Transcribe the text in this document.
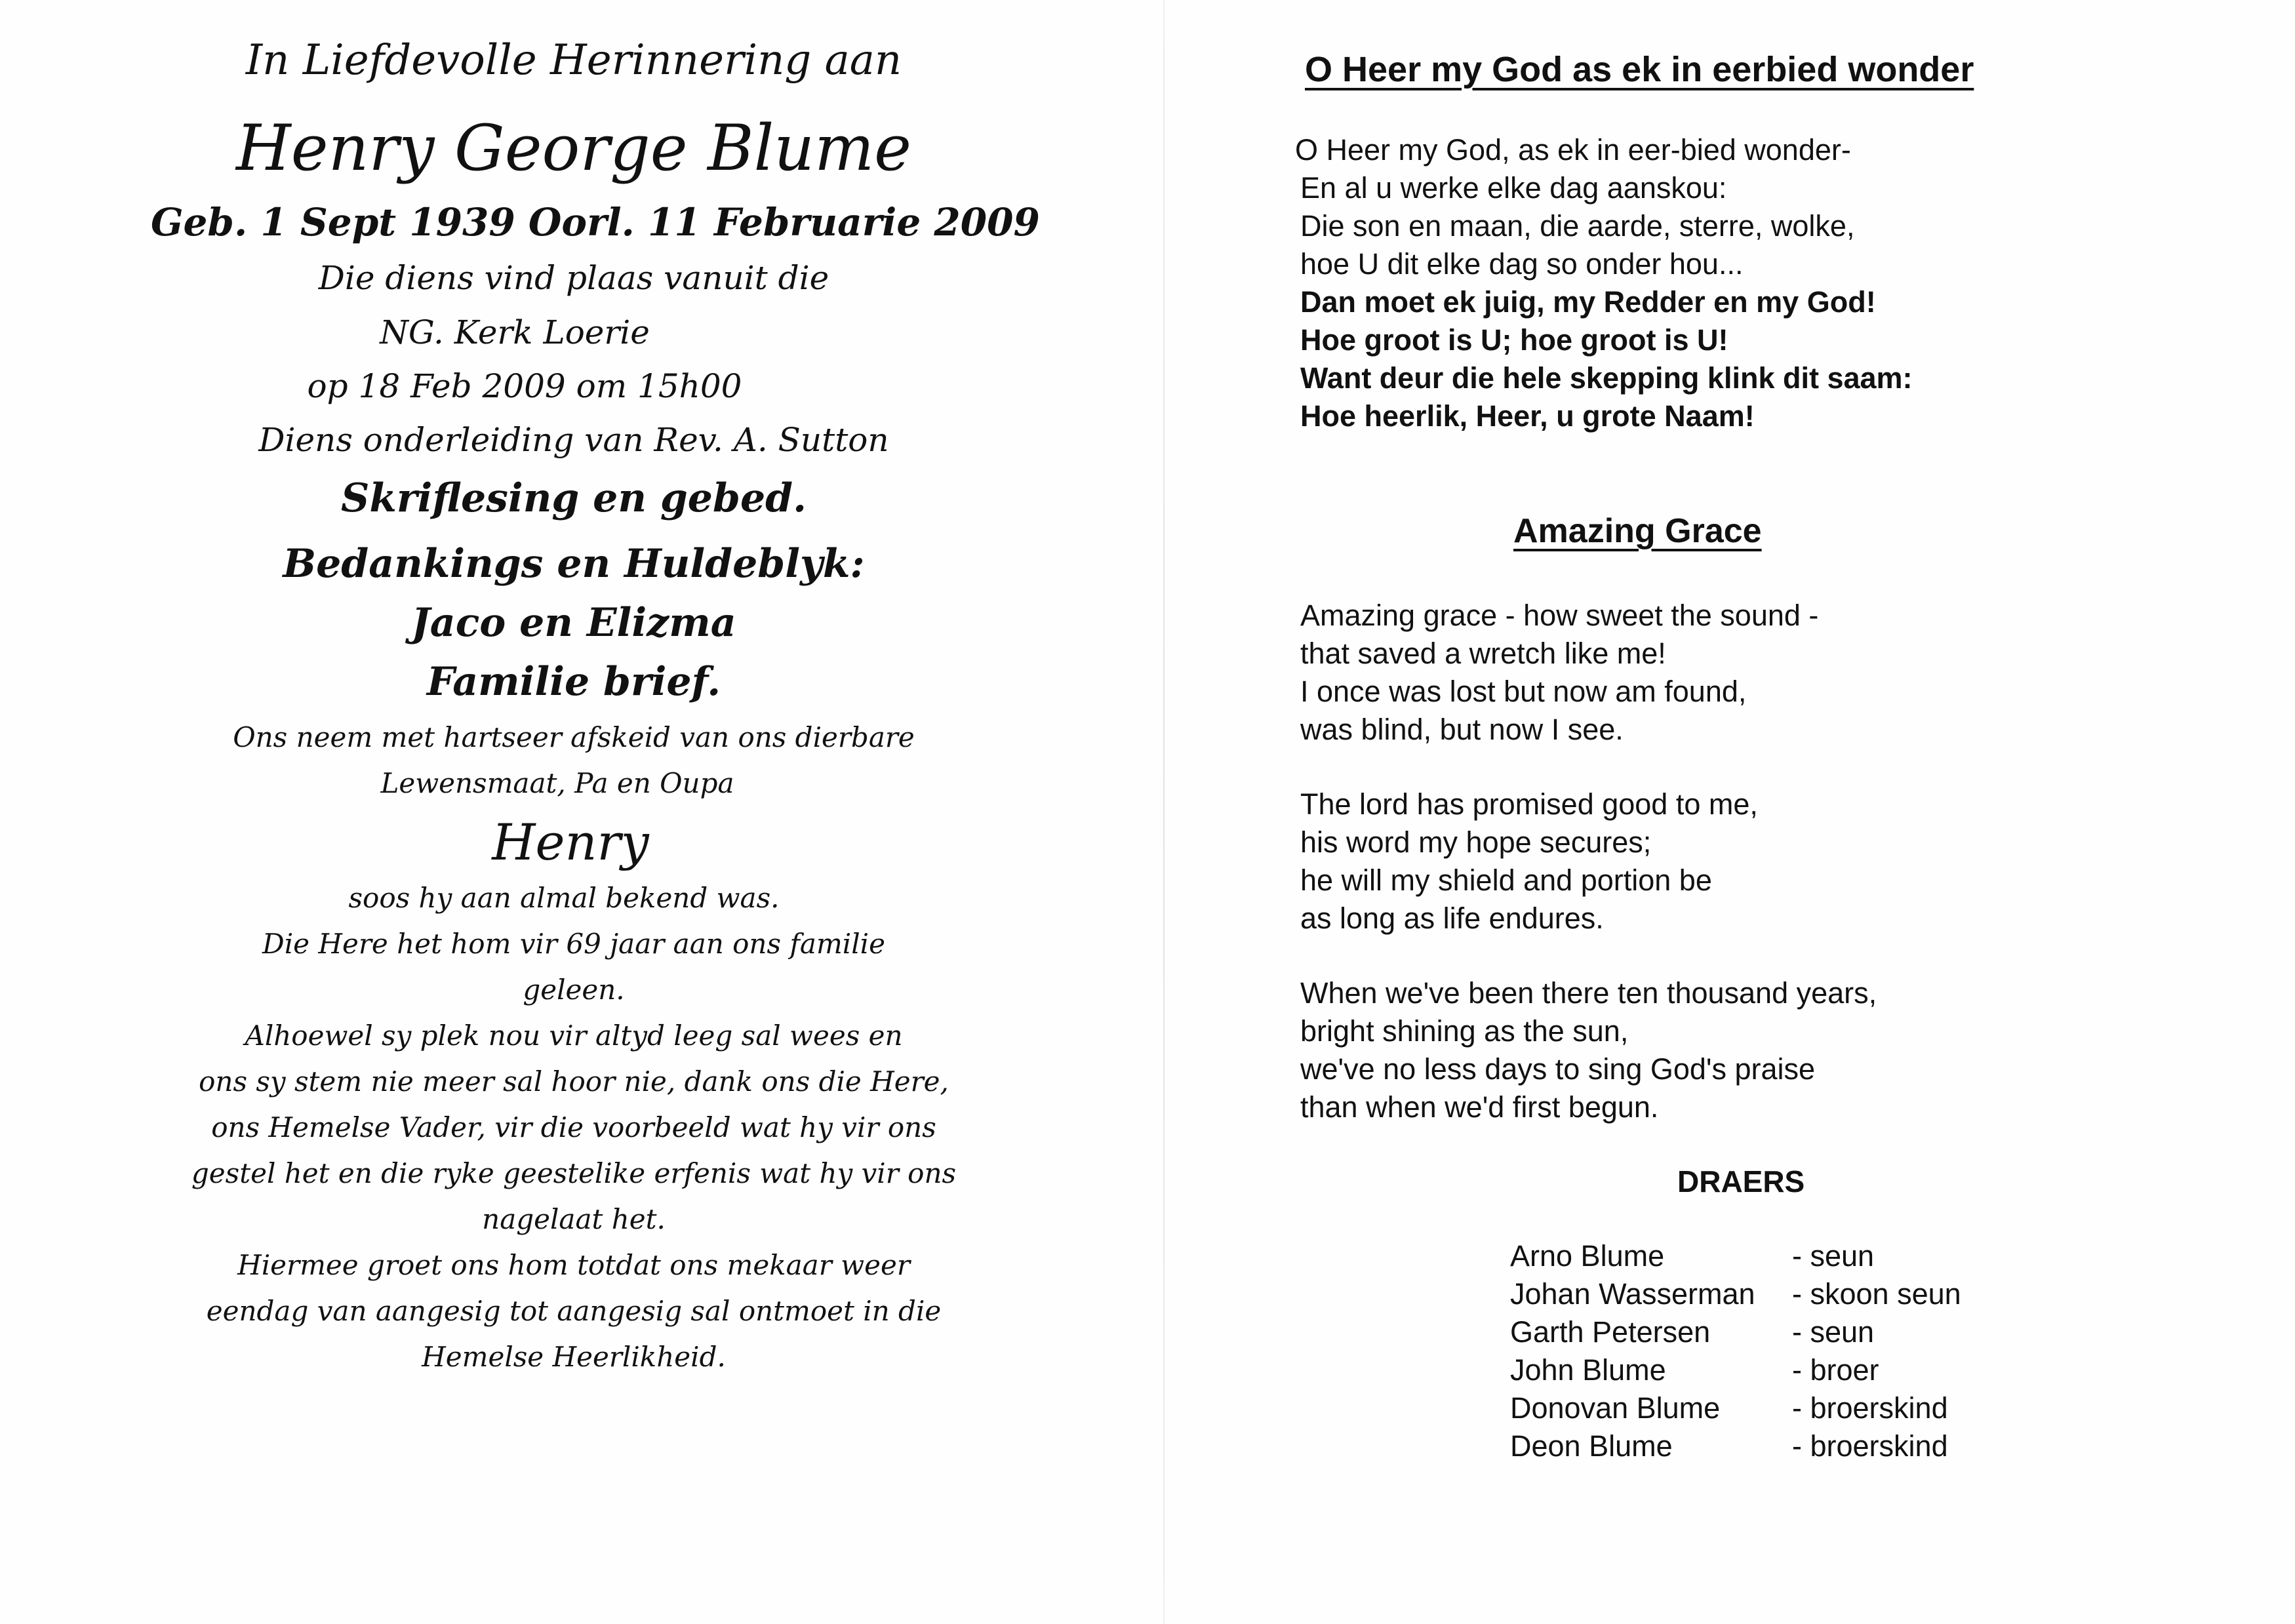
In Liefdevolle Herinnering aan
Henry George Blume
Geb. 1 Sept 1939 Oorl. 11 Februarie 2009
Die diens vind plaas vanuit die
NG. Kerk Loerie
op 18 Feb 2009 om 15h00
Diens onderleiding van Rev. A. Sutton
Skriflesing en gebed.
Bedankings en Huldeblyk:
Jaco en Elizma
Familie brief.
Ons neem met hartseer afskeid van ons dierbare
Lewensmaat, Pa en Oupa
Henry
soos hy aan almal bekend was.
Die Here het hom vir 69 jaar aan ons familie
geleen.
Alhoewel sy plek nou vir altyd leeg sal wees en
ons sy stem nie meer sal hoor nie, dank ons die Here,
ons Hemelse Vader, vir die voorbeeld wat hy vir ons
gestel het en die ryke geestelike erfenis wat hy vir ons
nagelaat het.
Hiermee groet ons hom totdat ons mekaar weer
eendag van aangesig tot aangesig sal ontmoet in die
Hemelse Heerlikheid.
O Heer my God as ek in eerbied wonder
O Heer my God, as ek in eer-bied wonder-
En al u werke elke dag aanskou:
Die son en maan, die aarde, sterre, wolke,
hoe U dit elke dag so onder hou...
Dan moet ek juig, my Redder en my God!
Hoe groot is U; hoe groot is U!
Want deur die hele skepping klink dit saam:
Hoe heerlik, Heer, u grote Naam!
Amazing Grace
Amazing grace - how sweet the sound -
that saved a wretch like me!
I once was lost but now am found,
was blind, but now I see.
The lord has promised good to me,
his word my hope secures;
he will my shield and portion be
as long as life endures.
When we've been there ten thousand years,
bright shining as the sun,
we've no less days to sing God's praise
than when we'd first begun.
DRAERS
Arno Blume	- seun
Johan Wasserman - skoon seun
Garth Petersen	- seun
John Blume	- broer
Donovan Blume - broerskind
Deon Blume	- broerskind
